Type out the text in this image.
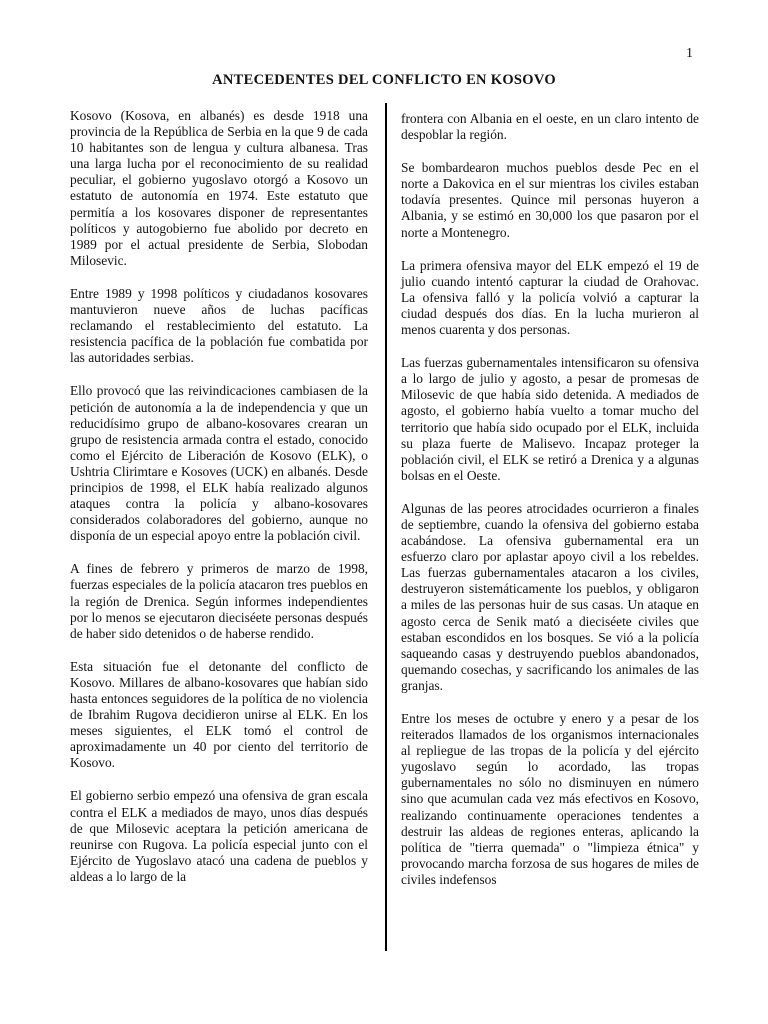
1
ANTECEDENTES DEL CONFLICTO EN KOSOVO

Kosovo (Kosova, en albanés) es desde 1918 una provincia de la República de Serbia en la que 9 de cada 10 habitantes son de lengua y cultura albanesa. Tras una larga lucha por el reconocimiento de su realidad peculiar, el gobierno yugoslavo otorgó a Kosovo un estatuto de autonomía en 1974. Este estatuto que permitía a los kosovares disponer de representantes políticos y autogobierno fue abolido por decreto en 1989 por el actual presidente de Serbia, Slobodan Milosevic.

Entre 1989 y 1998 políticos y ciudadanos kosovares mantuvieron nueve años de luchas pacíficas reclamando el restablecimiento del estatuto. La resistencia pacífica de la población fue combatida por las autoridades serbias.

Ello provocó que las reivindicaciones cambiasen de la petición de autonomía a la de independencia y que un reducidísimo grupo de albano-kosovares crearan un grupo de resistencia armada contra el estado, conocido como el Ejército de Liberación de Kosovo (ELK), o Ushtria Clirimtare e Kosoves (UCK) en albanés. Desde principios de 1998, el ELK había realizado algunos ataques contra la policía y albano-kosovares considerados colaboradores del gobierno, aunque no disponía de un especial apoyo entre la población civil.

A fines de febrero y primeros de marzo de 1998, fuerzas especiales de la policía atacaron tres pueblos en la región de Drenica. Según informes independientes por lo menos se ejecutaron dieciséete personas después de haber sido detenidos o de haberse rendido.

Esta situación fue el detonante del conflicto de Kosovo. Millares de albano-kosovares que habían sido hasta entonces seguidores de la política de no violencia de Ibrahim Rugova decidieron unirse al ELK. En los meses siguientes, el ELK tomó el control de aproximadamente un 40 por ciento del territorio de Kosovo.

El gobierno serbio empezó una ofensiva de gran escala contra el ELK a mediados de mayo, unos días después de que Milosevic aceptara la petición americana de reunirse con Rugova. La policía especial junto con el Ejército de Yugoslavo atacó una cadena de pueblos y aldeas a lo largo de la

frontera con Albania en el oeste, en un claro intento de despoblar la región.

Se bombardearon muchos pueblos desde Pec en el norte a Dakovica en el sur mientras los civiles estaban todavía presentes. Quince mil personas huyeron a Albania, y se estimó en 30,000 los que pasaron por el norte a Montenegro.

La primera ofensiva mayor del ELK empezó el 19 de julio cuando intentó capturar la ciudad de Orahovac. La ofensiva falló y la policía volvió a capturar la ciudad después dos días. En la lucha murieron al menos cuarenta y dos personas.

Las fuerzas gubernamentales intensificaron su ofensiva a lo largo de julio y agosto, a pesar de promesas de Milosevic de que había sido detenida. A mediados de agosto, el gobierno había vuelto a tomar mucho del territorio que había sido ocupado por el ELK, incluida su plaza fuerte de Malisevo. Incapaz proteger la población civil, el ELK se retiró a Drenica y a algunas bolsas en el Oeste.

Algunas de las peores atrocidades ocurrieron a finales de septiembre, cuando la ofensiva del gobierno estaba acabándose. La ofensiva gubernamental era un esfuerzo claro por aplastar apoyo civil a los rebeldes. Las fuerzas gubernamentales atacaron a los civiles, destruyeron sistemáticamente los pueblos, y obligaron a miles de las personas huir de sus casas. Un ataque en agosto cerca de Senik mató a dieciséete civiles que estaban escondidos en los bosques. Se vió a la policía saqueando casas y destruyendo pueblos abandonados, quemando cosechas, y sacrificando los animales de las granjas.

Entre los meses de octubre y enero y a pesar de los reiterados llamados de los organismos internacionales al repliegue de las tropas de la policía y del ejército yugoslavo según lo acordado, las tropas gubernamentales no sólo no disminuyen en número sino que acumulan cada vez más efectivos en Kosovo, realizando continuamente operaciones tendentes a destruir las aldeas de regiones enteras, aplicando la política de "tierra quemada" o "limpieza étnica" y provocando marcha forzosa de sus hogares de miles de civiles indefensos
